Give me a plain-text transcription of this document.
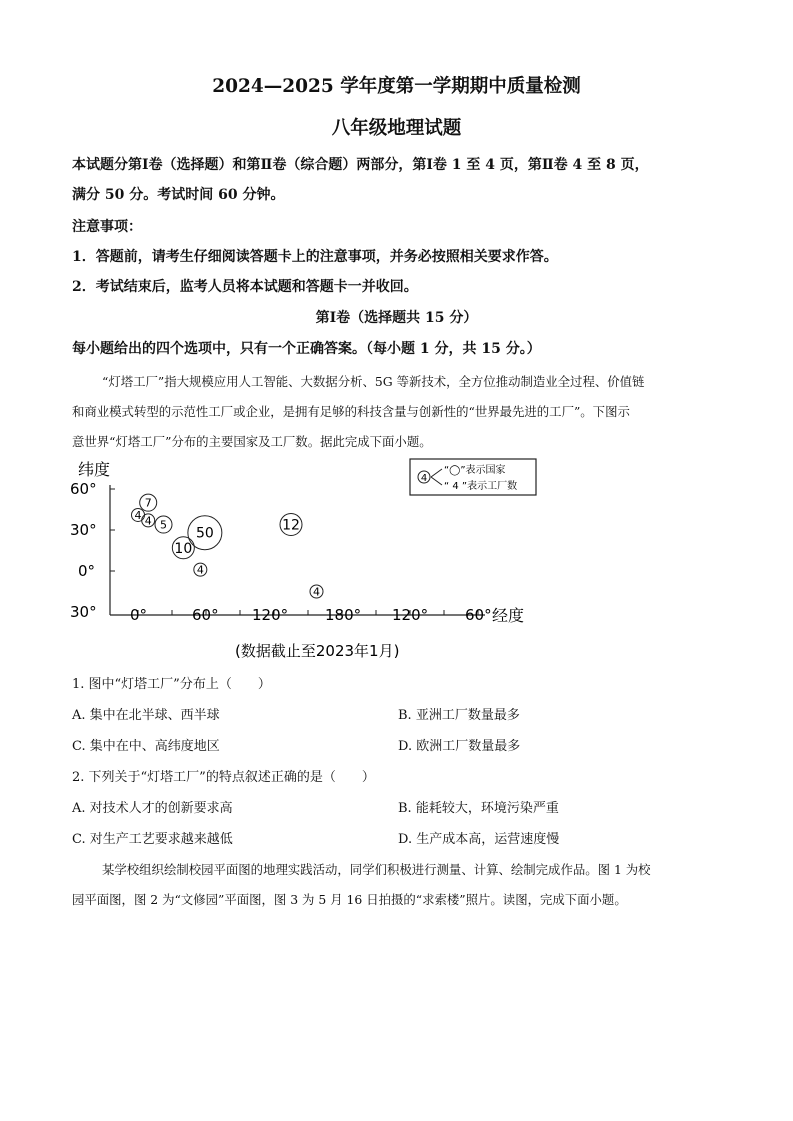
2024—2025 学年度第一学期期中质量检测
八年级地理试题
本试题分第Ⅰ卷（选择题）和第Ⅱ卷（综合题）两部分，第Ⅰ卷 1 至 4 页，第Ⅱ卷 4 至 8 页，
满分 50 分。考试时间 60 分钟。
注意事项：
1．答题前，请考生仔细阅读答题卡上的注意事项，并务必按照相关要求作答。
2．考试结束后，监考人员将本试题和答题卡一并收回。
第Ⅰ卷（选择题共 15 分）
每小题给出的四个选项中，只有一个正确答案。（每小题 1 分，共 15 分。）
“灯塔工厂”指大规模应用人工智能、大数据分析、5G 等新技术，全方位推动制造业全过程、价值链
和商业模式转型的示范性工厂或企业，是拥有足够的科技含量与创新性的“世界最先进的工厂”。下图示
意世界“灯塔工厂”分布的主要国家及工厂数。据此完成下面小题。
纬度
60°
30°
0°
30° 0°	60° 120° 180° 120° 60° 经度
4
“◯”表示国家
“ 4 ”表示工厂数
7
4 4 5
10
50
4
12
4
(数据截止至2023年1月)
1. 图中“灯塔工厂”分布上（　　）
A. 集中在北半球、西半球	B. 亚洲工厂数量最多
C. 集中在中、高纬度地区	D. 欧洲工厂数量最多
2. 下列关于“灯塔工厂”的特点叙述正确的是（　　）
A. 对技术人才的创新要求高	B. 能耗较大，环境污染严重
C. 对生产工艺要求越来越低	D. 生产成本高，运营速度慢
某学校组织绘制校园平面图的地理实践活动，同学们积极进行测量、计算、绘制完成作品。图 1 为校
园平面图，图 2 为“文修园”平面图，图 3 为 5 月 16 日拍摄的“求索楼”照片。读图，完成下面小题。
